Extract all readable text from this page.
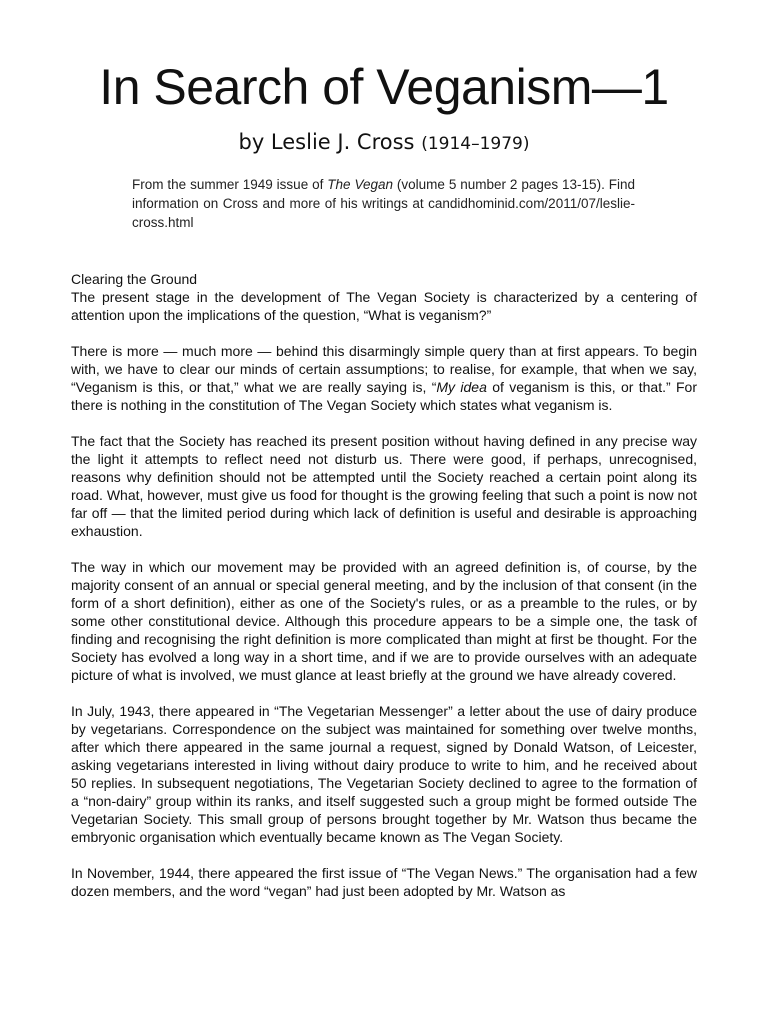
In Search of Veganism—1

by Leslie J. Cross (1914–1979)

From the summer 1949 issue of The Vegan (volume 5 number 2 pages 13-15). Find information on Cross and more of his writings at candidhominid.com/2011/07/leslie-cross.html

Clearing the Ground

The present stage in the development of The Vegan Society is characterized by a centering of attention upon the implications of the question, “What is veganism?”

There is more — much more — behind this disarmingly simple query than at first appears. To begin with, we have to clear our minds of certain assumptions; to realise, for example, that when we say, “Veganism is this, or that,” what we are really saying is, “My idea of veganism is this, or that.” For there is nothing in the constitution of The Vegan Society which states what veganism is.

The fact that the Society has reached its present position without having defined in any precise way the light it attempts to reflect need not disturb us. There were good, if perhaps, unrecognised, reasons why definition should not be attempted until the Society reached a certain point along its road. What, however, must give us food for thought is the growing feeling that such a point is now not far off — that the limited period during which lack of definition is useful and desirable is approaching exhaustion.

The way in which our movement may be provided with an agreed definition is, of course, by the majority consent of an annual or special general meeting, and by the inclusion of that consent (in the form of a short definition), either as one of the Society's rules, or as a preamble to the rules, or by some other constitutional device. Although this procedure appears to be a simple one, the task of finding and recognising the right definition is more complicated than might at first be thought. For the Society has evolved a long way in a short time, and if we are to provide ourselves with an adequate picture of what is involved, we must glance at least briefly at the ground we have already covered.

In July, 1943, there appeared in “The Vegetarian Messenger” a letter about the use of dairy produce by vegetarians. Correspondence on the subject was maintained for something over twelve months, after which there appeared in the same journal a request, signed by Donald Watson, of Leicester, asking vegetarians interested in living without dairy produce to write to him, and he received about 50 replies. In subsequent negotiations, The Vegetarian Society declined to agree to the formation of a “non-dairy” group within its ranks, and itself suggested such a group might be formed outside The Vegetarian Society. This small group of persons brought together by Mr. Watson thus became the embryonic organisation which eventually became known as The Vegan Society.

In November, 1944, there appeared the first issue of “The Vegan News.” The organisation had a few dozen members, and the word “vegan” had just been adopted by Mr. Watson as
